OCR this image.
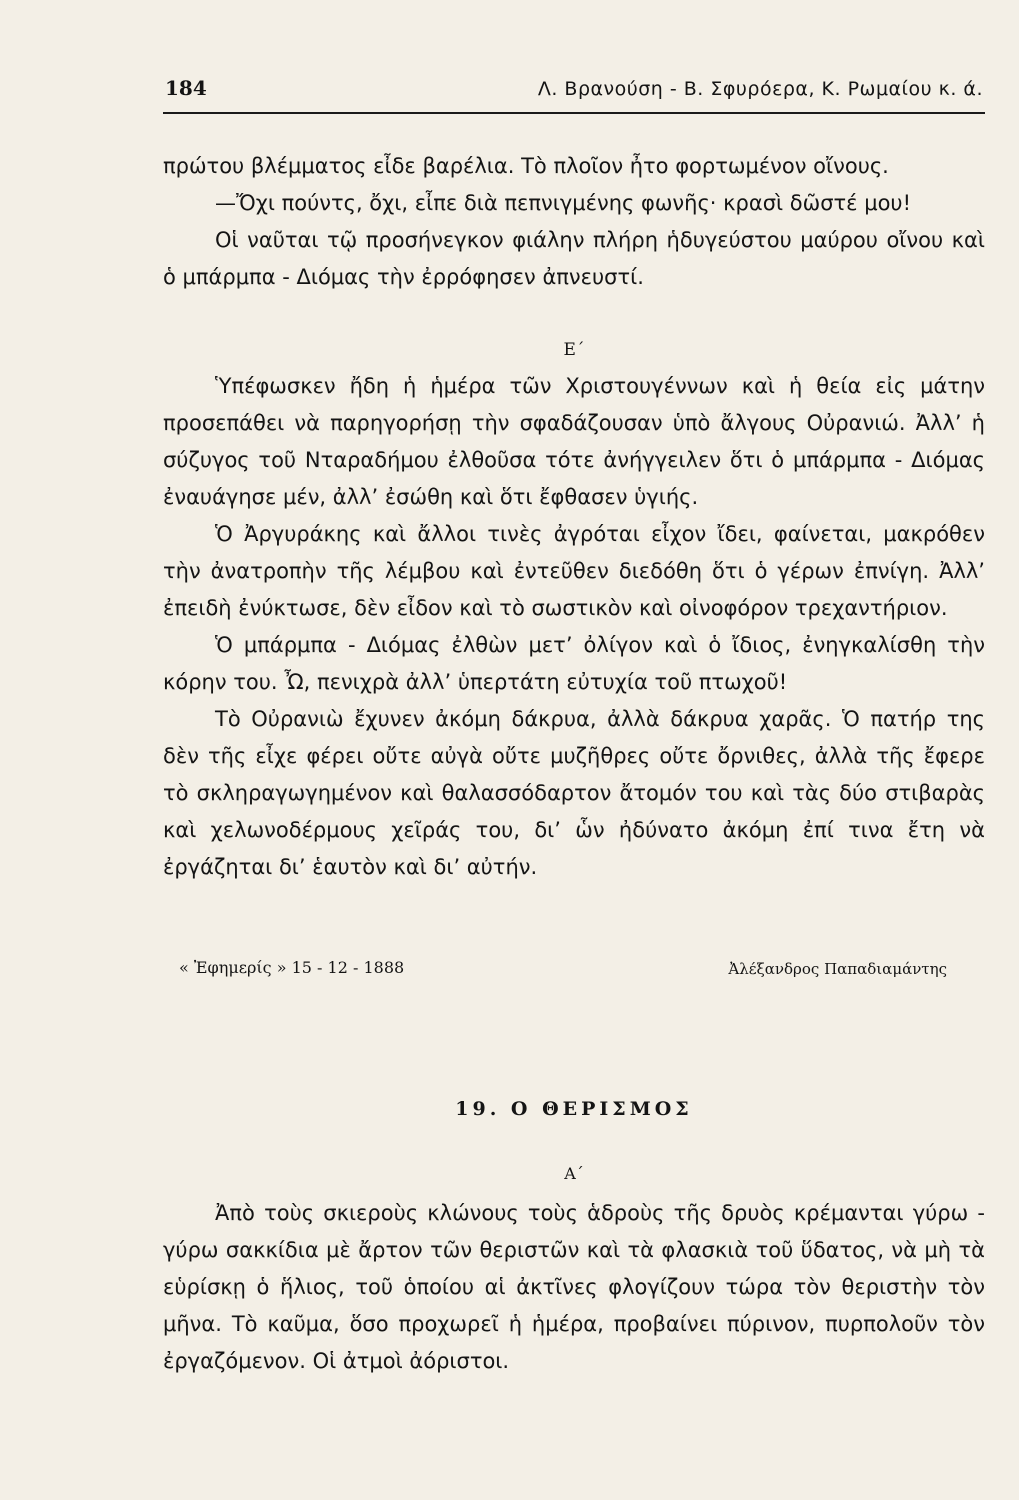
184	Λ. Βρανούση - Β. Σφυρόερα, Κ. Ρωμαίου κ. ά.

πρώτου βλέμματος εἶδε βαρέλια. Τὸ πλοῖον ἦτο φορτωμένον οἴνους.

—Ὄχι πούντς, ὄχι, εἶπε διὰ πεπνιγμένης φωνῆς· κρασὶ δῶστέ μου!

Οἱ ναῦται τῷ προσήνεγκον φιάλην πλήρη ἡδυγεύστου μαύρου οἴνου καὶ ὁ μπάρμπα - Διόμας τὴν ἐρρόφησεν ἀπνευστί.

Ε΄

Ὑπέφωσκεν ἤδη ἡ ἡμέρα τῶν Χριστουγέννων καὶ ἡ θεία εἰς μάτην προσεπάθει νὰ παρηγορήσῃ τὴν σφαδάζουσαν ὑπὸ ἄλγους Οὐρανιώ. Ἀλλ’ ἡ σύζυγος τοῦ Νταραδήμου ἐλθοῦσα τότε ἀνήγγειλεν ὅτι ὁ μπάρμπα - Διόμας ἐναυάγησε μέν, ἀλλ’ ἐσώθη καὶ ὅτι ἔφθασεν ὑγιής.

Ὁ Ἀργυράκης καὶ ἄλλοι τινὲς ἀγρόται εἶχον ἴδει, φαίνεται, μακρόθεν τὴν ἀνατροπὴν τῆς λέμβου καὶ ἐντεῦθεν διεδόθη ὅτι ὁ γέρων ἐπνίγη. Ἀλλ’ ἐπειδὴ ἐνύκτωσε, δὲν εἶδον καὶ τὸ σωστικὸν καὶ οἰνοφόρον τρεχαντήριον.

Ὁ μπάρμπα - Διόμας ἐλθὼν μετ’ ὀλίγον καὶ ὁ ἴδιος, ἐνηγκαλίσθη τὴν κόρην του. Ὦ, πενιχρὰ ἀλλ’ ὑπερτάτη εὐτυχία τοῦ πτωχοῦ!

Τὸ Οὐρανιὼ ἔχυνεν ἀκόμη δάκρυα, ἀλλὰ δάκρυα χαρᾶς. Ὁ πατήρ της δὲν τῆς εἶχε φέρει οὔτε αὐγὰ οὔτε μυζῆθρες οὔτε ὄρνιθες, ἀλλὰ τῆς ἔφερε τὸ σκληραγωγημένον καὶ θαλασσόδαρτον ἄτομόν του καὶ τὰς δύο στιβαρὰς καὶ χελωνοδέρμους χεῖράς του, δι’ ὧν ἠδύνατο ἀκόμη ἐπί τινα ἔτη νὰ ἐργάζηται δι’ ἑαυτὸν καὶ δι’ αὐτήν.

« Ἐφημερίς » 15 - 12 - 1888	Ἀλέξανδρος Παπαδιαμάντης
19. Ο ΘΕΡΙΣΜΟΣ
Α΄

Ἀπὸ τοὺς σκιεροὺς κλώνους τοὺς ἁδροὺς τῆς δρυὸς κρέμανται γύρω - γύρω σακκίδια μὲ ἄρτον τῶν θεριστῶν καὶ τὰ φλασκιὰ τοῦ ὕδατος, νὰ μὴ τὰ εὑρίσκῃ ὁ ἥλιος, τοῦ ὁποίου αἱ ἀκτῖνες φλογίζουν τώρα τὸν θεριστὴν τὸν μῆνα. Τὸ καῦμα, ὅσο προχωρεῖ ἡ ἡμέρα, προβαίνει πύρινον, πυρπολοῦν τὸν ἐργαζόμενον. Οἱ ἀτμοὶ ἀόριστοι.
